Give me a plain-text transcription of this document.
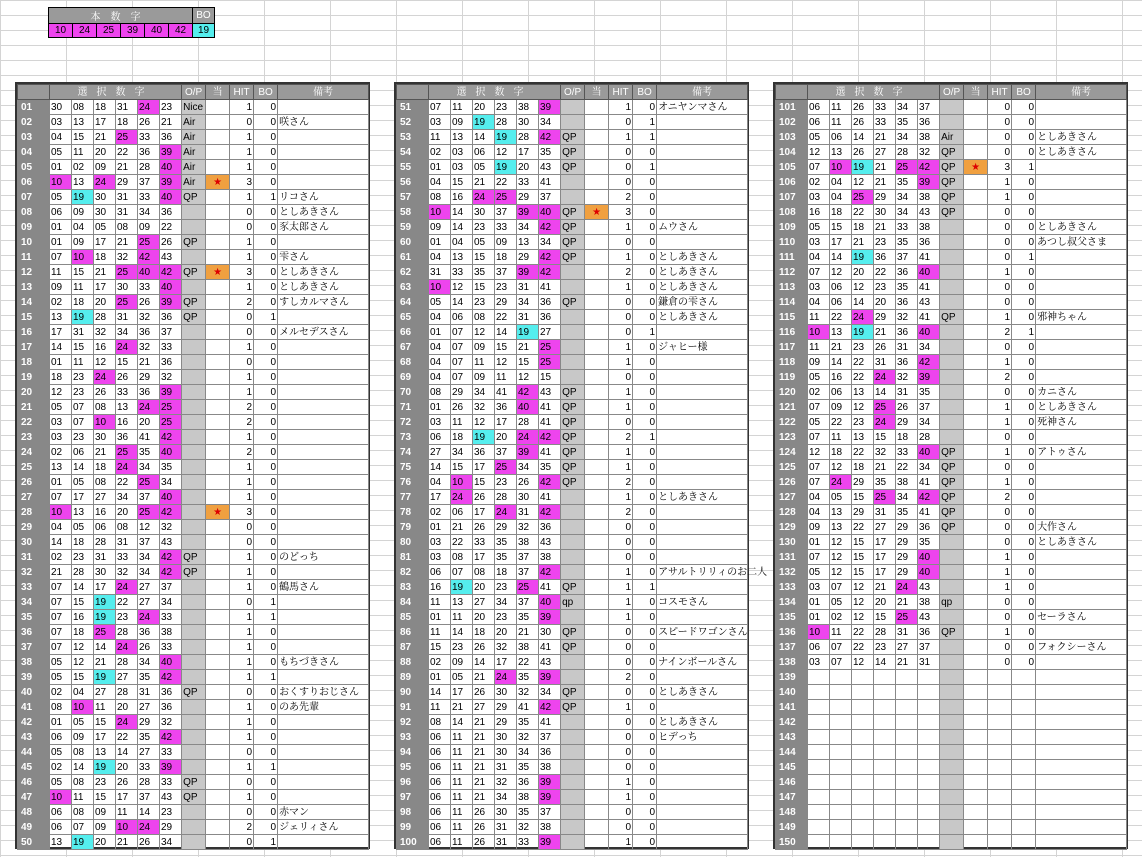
本数字						BO
10	24	25	39	40	42	19
	選択数字						O/P	当	HIT	BO	備考
01	30	08	18	31	24	23	Nice		1	0	
02	03	13	17	18	26	21	Air		0	0	咲さん
03	04	15	21	25	33	36	Air		1	0	
04	05	11	20	22	36	39	Air		1	0	
05	01	02	09	21	28	40	Air		1	0	
06	10	13	24	29	37	39	Air	★	3	0	
07	05	19	30	31	33	40	QP		1	1	リコさん
08	06	09	30	31	34	36			0	0	としあきさん
09	01	04	05	08	09	22			0	0	豕太郎さん
10	01	09	17	21	25	26	QP		1	0	
11	07	10	18	32	42	43			1	0	雫さん
12	11	15	21	25	40	42	QP	★	3	0	としあきさん
13	09	11	17	30	33	40			1	0	としあきさん
14	02	18	20	25	26	39	QP		2	0	すしカルマさん
15	13	19	28	31	32	36	QP		0	1	
16	17	31	32	34	36	37			0	0	メルセデスさん
17	14	15	16	24	32	33			1	0	
18	01	11	12	15	21	36			0	0	
19	18	23	24	26	29	32			1	0	
20	12	23	26	33	36	39			1	0	
21	05	07	08	13	24	25			2	0	
22	03	07	10	16	20	25			2	0	
23	03	23	30	36	41	42			1	0	
24	02	06	21	25	35	40			2	0	
25	13	14	18	24	34	35			1	0	
26	01	05	08	22	25	34			1	0	
27	07	17	27	34	37	40			1	0	
28	10	13	16	20	25	42		★	3	0	
29	04	05	06	08	12	32			0	0	
30	14	18	28	31	37	43			0	0	
31	02	23	31	33	34	42	QP		1	0	のどっち
32	21	28	30	32	34	42	QP		1	0	
33	07	14	17	24	27	37			1	0	鶴馬さん
34	07	15	19	22	27	34			0	1	
35	07	16	19	23	24	33			1	1	
36	07	18	25	28	36	38			1	0	
37	07	12	14	24	26	33			1	0	
38	05	12	21	28	34	40			1	0	もちづきさん
39	05	15	19	27	35	42			1	1	
40	02	04	27	28	31	36	QP		0	0	おくすりおじさん
41	08	10	11	20	27	36			1	0	のあ先輩
42	01	05	15	24	29	32			1	0	
43	06	09	17	22	35	42			1	0	
44	05	08	13	14	27	33			0	0	
45	02	14	19	20	33	39			1	1	
46	05	08	23	26	28	33	QP		0	0	
47	10	11	15	17	37	43	QP		1	0	
48	06	08	09	11	14	23			0	0	赤マン
49	06	07	09	10	24	29			2	0	ジェリィさん
50	13	19	20	21	26	34			0	1	
	選択数字						O/P	当	HIT	BO	備考
51	07	11	20	23	38	39			1	0	オニヤンマさん
52	03	09	19	28	30	34			0	1	
53	11	13	14	19	28	42	QP		1	1	
54	02	03	06	12	17	35	QP		0	0	
55	01	03	05	19	20	43	QP		0	1	
56	04	15	21	22	33	41			0	0	
57	08	16	24	25	29	37			2	0	
58	10	14	30	37	39	40	QP	★	3	0	
59	09	14	23	33	34	42	QP		1	0	ムウさん
60	01	04	05	09	13	34	QP		0	0	
61	04	13	15	18	29	42	QP		1	0	としあきさん
62	31	33	35	37	39	42			2	0	としあきさん
63	10	12	15	23	31	41			1	0	としあきさん
64	05	14	23	29	34	36	QP		0	0	鎌倉の雫さん
65	04	06	08	22	31	36			0	0	としあきさん
66	01	07	12	14	19	27			0	1	
67	04	07	09	15	21	25			1	0	ジャヒー様
68	04	07	11	12	15	25			1	0	
69	04	07	09	11	12	15			0	0	
70	08	29	34	41	42	43	QP		1	0	
71	01	26	32	36	40	41	QP		1	0	
72	03	11	12	17	28	41	QP		0	0	
73	06	18	19	20	24	42	QP		2	1	
74	27	34	36	37	39	41	QP		1	0	
75	14	15	17	25	34	35	QP		1	0	
76	04	10	15	23	26	42	QP		2	0	
77	17	24	26	28	30	41			1	0	としあきさん
78	02	06	17	24	31	42			2	0	
79	01	21	26	29	32	36			0	0	
80	03	22	33	35	38	43			0	0	
81	03	08	17	35	37	38			0	0	
82	06	07	08	18	37	42			1	0	アサルトリリィのお二人
83	16	19	20	23	25	41	QP		1	1	
84	11	13	27	34	37	40	qp		1	0	コスモさん
85	01	11	20	23	35	39			1	0	
86	11	14	18	20	21	30	QP		0	0	スピードワゴンさん
87	15	23	26	32	38	41	QP		0	0	
88	02	09	14	17	22	43			0	0	ナインボールさん
89	01	05	21	24	35	39			2	0	
90	14	17	26	30	32	34	QP		0	0	としあきさん
91	11	21	27	29	41	42	QP		1	0	
92	08	14	21	29	35	41			0	0	としあきさん
93	06	11	21	30	32	37			0	0	ヒデっち
94	06	11	21	30	34	36			0	0	
95	06	11	21	31	35	38			0	0	
96	06	11	21	32	36	39			1	0	
97	06	11	21	34	38	39			1	0	
98	06	11	26	30	35	37			0	0	
99	06	11	26	31	32	38			0	0	
100	06	11	26	31	33	39			1	0	
	選択数字						O/P	当	HIT	BO	備考
101	06	11	26	33	34	37			0	0	
102	06	11	26	33	35	36			0	0	
103	05	06	14	21	34	38	Air		0	0	としあきさん
104	12	13	26	27	28	32	QP		0	0	としあきさん
105	07	10	19	21	25	42	QP	★	3	1	
106	02	04	12	21	35	39	QP		1	0	
107	03	04	25	29	34	38	QP		1	0	
108	16	18	22	30	34	43	QP		0	0	
109	05	15	18	21	33	38			0	0	としあきさん
110	03	17	21	23	35	36			0	0	あつし叔父さま
111	04	14	19	36	37	41			0	1	
112	07	12	20	22	36	40			1	0	
113	03	06	12	23	35	41			0	0	
114	04	06	14	20	36	43			0	0	
115	11	22	24	29	32	41	QP		1	0	邪神ちゃん
116	10	13	19	21	36	40			2	1	
117	11	21	23	26	31	34			0	0	
118	09	14	22	31	36	42			1	0	
119	05	16	22	24	32	39			2	0	
120	02	06	13	14	31	35			0	0	カニさん
121	07	09	12	25	26	37			1	0	としあきさん
122	05	22	23	24	29	34			1	0	死神さん
123	07	11	13	15	18	28			0	0	
124	12	18	22	32	33	40	QP		1	0	アトゥさん
125	07	12	18	21	22	34	QP		0	0	
126	07	24	29	35	38	41	QP		1	0	
127	04	05	15	25	34	42	QP		2	0	
128	04	13	29	31	35	41	QP		0	0	
129	09	13	22	27	29	36	QP		0	0	大作さん
130	01	12	15	17	29	35			0	0	としあきさん
131	07	12	15	17	29	40			1	0	
132	05	12	15	17	29	40			1	0	
133	03	07	12	21	24	43			1	0	
134	01	05	12	20	21	38	qp		0	0	
135	01	02	12	15	25	43			0	0	セーラさん
136	10	11	22	28	31	36	QP		1	0	
137	06	07	22	23	27	37			0	0	フォクシーさん
138	03	07	12	14	21	31			0	0	
139											
140											
141											
142											
143											
144											
145											
146											
147											
148											
149											
150											
